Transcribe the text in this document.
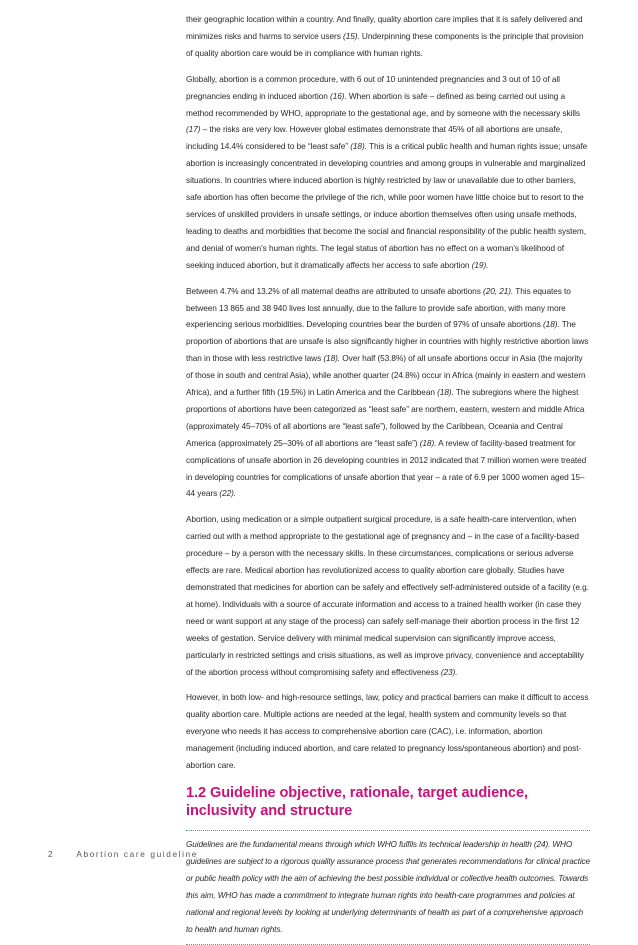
their geographic location within a country. And finally, quality abortion care implies that it is safely delivered and minimizes risks and harms to service users (15). Underpinning these components is the principle that provision of quality abortion care would be in compliance with human rights.

Globally, abortion is a common procedure, with 6 out of 10 unintended pregnancies and 3 out of 10 of all pregnancies ending in induced abortion (16). When abortion is safe – defined as being carried out using a method recommended by WHO, appropriate to the gestational age, and by someone with the necessary skills (17) – the risks are very low. However global estimates demonstrate that 45% of all abortions are unsafe, including 14.4% considered to be “least safe” (18). This is a critical public health and human rights issue; unsafe abortion is increasingly concentrated in developing countries and among groups in vulnerable and marginalized situations. In countries where induced abortion is highly restricted by law or unavailable due to other barriers, safe abortion has often become the privilege of the rich, while poor women have little choice but to resort to the services of unskilled providers in unsafe settings, or induce abortion themselves often using unsafe methods, leading to deaths and morbidities that become the social and financial responsibility of the public health system, and denial of women’s human rights. The legal status of abortion has no effect on a woman’s likelihood of seeking induced abortion, but it dramatically affects her access to safe abortion (19).

Between 4.7% and 13.2% of all maternal deaths are attributed to unsafe abortions (20, 21). This equates to between 13 865 and 38 940 lives lost annually, due to the failure to provide safe abortion, with many more experiencing serious morbidities. Developing countries bear the burden of 97% of unsafe abortions (18). The proportion of abortions that are unsafe is also significantly higher in countries with highly restrictive abortion laws than in those with less restrictive laws (18). Over half (53.8%) of all unsafe abortions occur in Asia (the majority of those in south and central Asia), while another quarter (24.8%) occur in Africa (mainly in eastern and western Africa), and a further fifth (19.5%) in Latin America and the Caribbean (18). The subregions where the highest proportions of abortions have been categorized as “least safe” are northern, eastern, western and middle Africa (approximately 45–70% of all abortions are “least safe”), followed by the Caribbean, Oceania and Central America (approximately 25–30% of all abortions are “least safe”) (18). A review of facility-based treatment for complications of unsafe abortion in 26 developing countries in 2012 indicated that 7 million women were treated in developing countries for complications of unsafe abortion that year – a rate of 6.9 per 1000 women aged 15–44 years (22).

Abortion, using medication or a simple outpatient surgical procedure, is a safe health-care intervention, when carried out with a method appropriate to the gestational age of pregnancy and – in the case of a facility-based procedure – by a person with the necessary skills. In these circumstances, complications or serious adverse effects are rare. Medical abortion has revolutionized access to quality abortion care globally. Studies have demonstrated that medicines for abortion can be safely and effectively self-administered outside of a facility (e.g. at home). Individuals with a source of accurate information and access to a trained health worker (in case they need or want support at any stage of the process) can safely self-manage their abortion process in the first 12 weeks of gestation. Service delivery with minimal medical supervision can significantly improve access, particularly in restricted settings and crisis situations, as well as improve privacy, convenience and acceptability of the abortion process without compromising safety and effectiveness (23).

However, in both low- and high-resource settings, law, policy and practical barriers can make it difficult to access quality abortion care. Multiple actions are needed at the legal, health system and community levels so that everyone who needs it has access to comprehensive abortion care (CAC), i.e. information, abortion management (including induced abortion, and care related to pregnancy loss/spontaneous abortion) and post-abortion care.

1.2 Guideline objective, rationale, target audience, inclusivity and structure

Guidelines are the fundamental means through which WHO fulfils its technical leadership in health (24). WHO guidelines are subject to a rigorous quality assurance process that generates recommendations for clinical practice or public health policy with the aim of achieving the best possible individual or collective health outcomes. Towards this aim, WHO has made a commitment to integrate human rights into health-care programmes and policies at national and regional levels by looking at underlying determinants of health as part of a comprehensive approach to health and human rights.

2	Abortion care guideline
